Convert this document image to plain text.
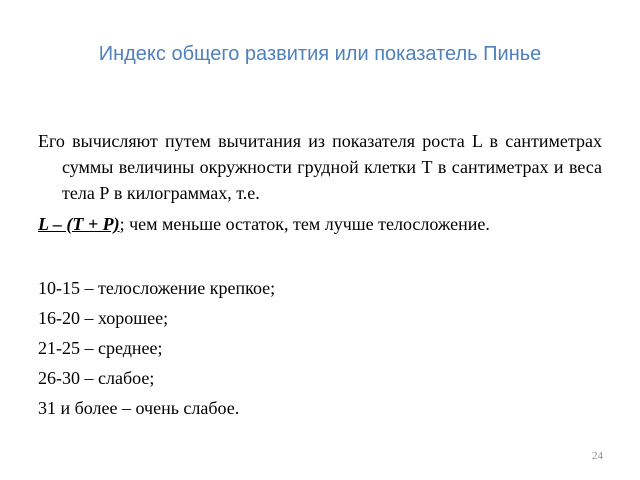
Индекс общего развития или показатель Пинье

Его вычисляют путем вычитания из показателя роста L в сантиметрах суммы величины окружности грудной клетки Т в сантиметрах и веса тела Р в килограммах, т.е.

L – (T + P); чем меньше остаток, тем лучше телосложение.
10-15 – телосложение крепкое;
16-20 – хорошее;
21-25 – среднее;
26-30 – слабое;
31 и более – очень слабое.
24
